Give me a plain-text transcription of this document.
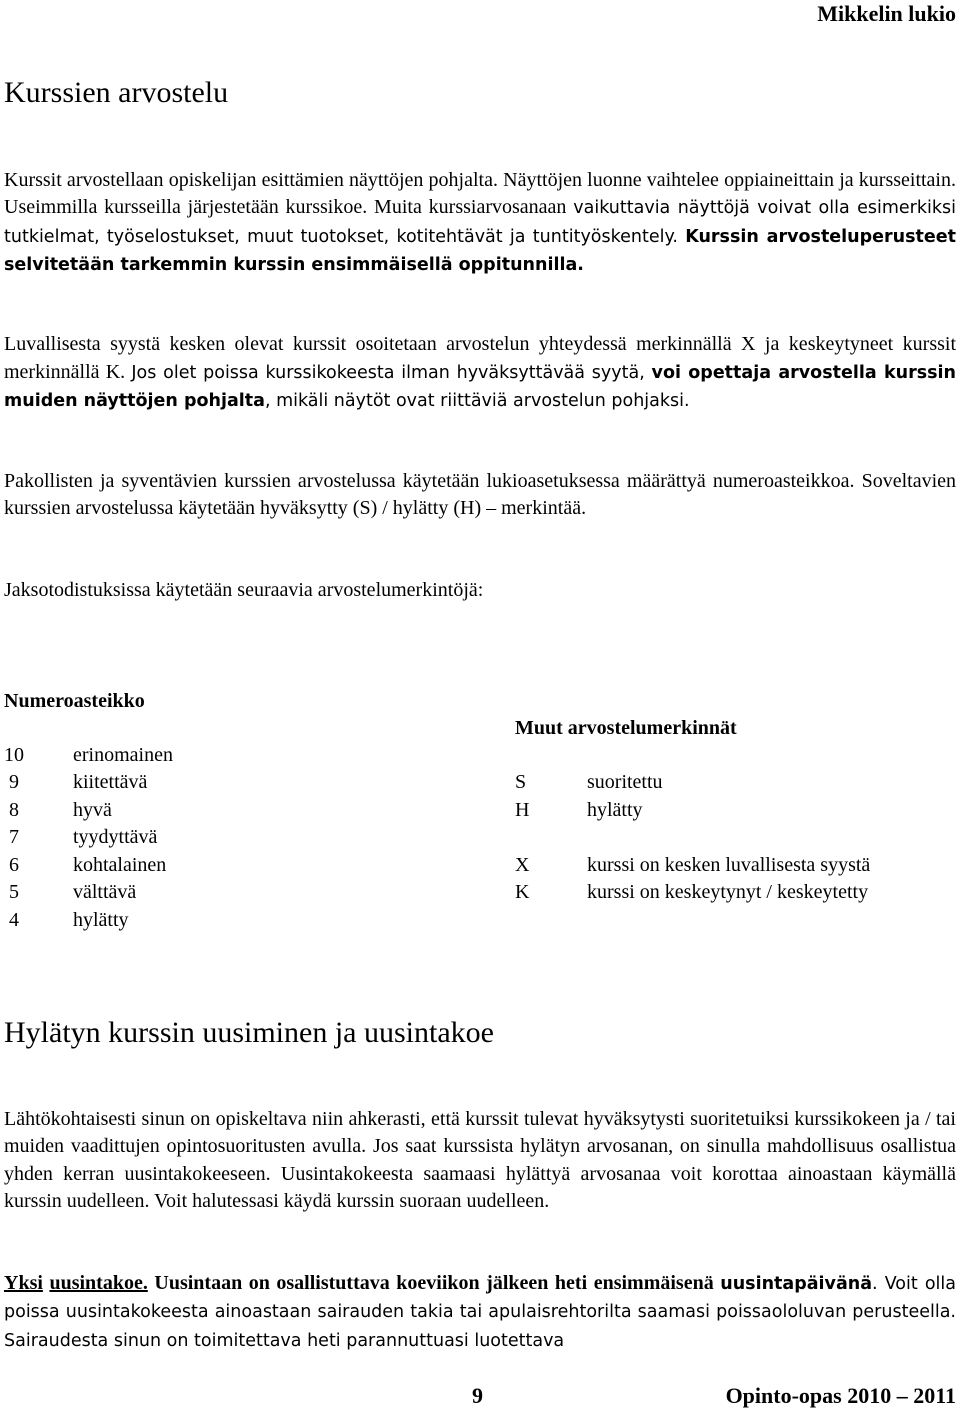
Mikkelin lukio
Kurssien arvostelu

Kurssit arvostellaan opiskelijan esittämien näyttöjen pohjalta. Näyttöjen luonne vaihtelee oppiaineittain ja kursseittain. Useimmilla kursseilla järjestetään kurssikoe. Muita kurssiarvosanaan vaikuttavia näyttöjä voivat olla esimerkiksi tutkielmat, työselostukset, muut tuotokset, kotitehtävät ja tuntityöskentely. Kurssin arvosteluperusteet selvitetään tarkemmin kurssin ensimmäisellä oppitunnilla.

Luvallisesta syystä kesken olevat kurssit osoitetaan arvostelun yhteydessä merkinnällä X ja keskeytyneet kurssit merkinnällä K. Jos olet poissa kurssikokeesta ilman hyväksyttävää syytä, voi opettaja arvostella kurssin muiden näyttöjen pohjalta, mikäli näytöt ovat riittäviä arvostelun pohjaksi.

Pakollisten ja syventävien kurssien arvostelussa käytetään lukioasetuksessa määrättyä numeroasteikkoa. Soveltavien kurssien arvostelussa käytetään hyväksytty (S) / hylätty (H) – merkintää.

Jaksotodistuksissa käytetään seuraavia arvostelumerkintöjä:

Numeroasteikko
Muut arvostelumerkinnät
10	erinomainen
9	kiitettävä
8	hyvä
7	tyydyttävä
6	kohtalainen
5	välttävä
4	hylätty
S	suoritettu
H	hylätty
X	kurssi on kesken luvallisesta syystä
K	kurssi on keskeytynyt / keskeytetty
Hylätyn kurssin uusiminen ja uusintakoe

Lähtökohtaisesti sinun on opiskeltava niin ahkerasti, että kurssit tulevat hyväksytysti suoritetuiksi kurssikokeen ja / tai muiden vaadittujen opintosuoritusten avulla. Jos saat kurssista hylätyn arvosanan, on sinulla mahdollisuus osallistua yhden kerran uusintakokeeseen. Uusintakokeesta saamaasi hylättyä arvosanaa voit korottaa ainoastaan käymällä kurssin uudelleen. Voit halutessasi käydä kurssin suoraan uudelleen.

Yksi uusintakoe. Uusintaan on osallistuttava koeviikon jälkeen heti ensimmäisenä uusintapäivänä. Voit olla poissa uusintakokeesta ainoastaan sairauden takia tai apulaisrehtorilta saamasi poissaololuvan perusteella. Sairaudesta sinun on toimitettava heti parannuttuasi luotettava

9	Opinto-opas 2010 – 2011
